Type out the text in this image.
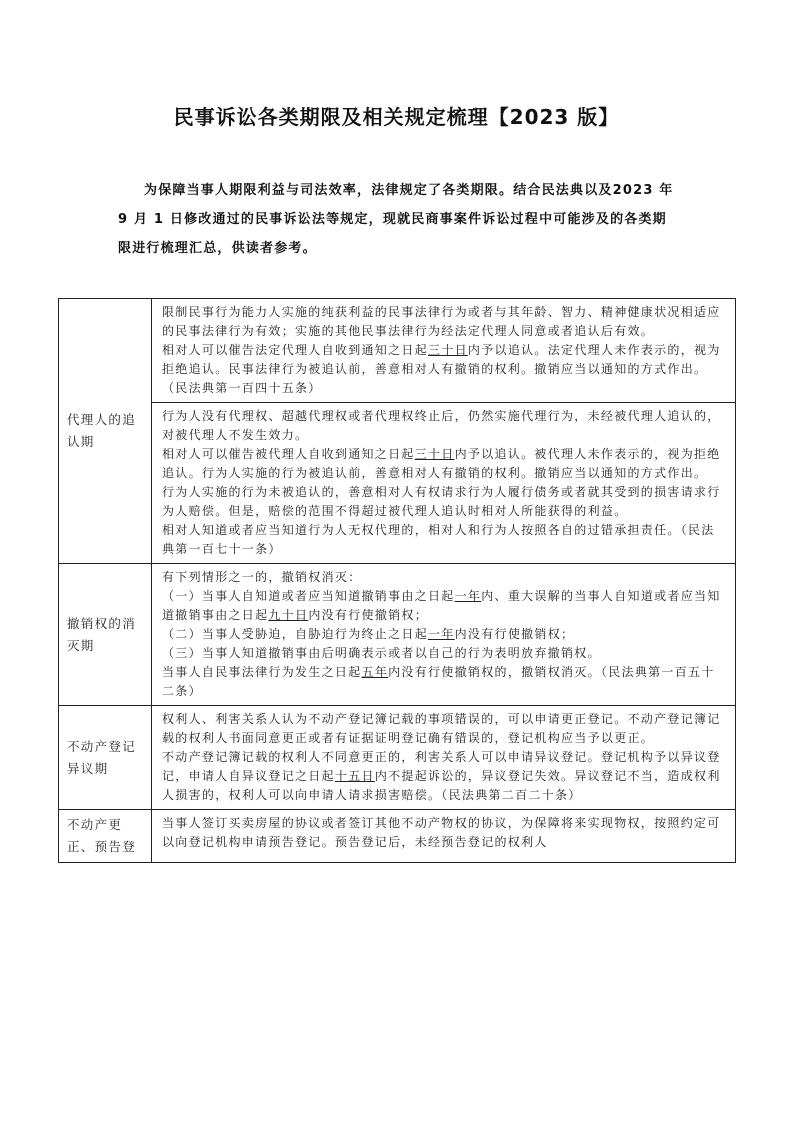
民事诉讼各类期限及相关规定梳理【2023 版】

为保障当事人期限利益与司法效率，法律规定了各类期限。结合民法典以及2023 年 9 月 1 日修改通过的民事诉讼法等规定，现就民商事案件诉讼过程中可能涉及的各类期限进行梳理汇总，供读者参考。

代理人的追认期	限制民事行为能力人实施的纯获利益的民事法律行为或者与其年龄、智力、精神健康状况相适应的民事法律行为有效；实施的其他民事法律行为经法定代理人同意或者追认后有效。

相对人可以催告法定代理人自收到通知之日起三十日内予以追认。法定代理人未作表示的，视为拒绝追认。民事法律行为被追认前，善意相对人有撤销的权利。撤销应当以通知的方式作出。（民法典第一百四十五条）

	行为人没有代理权、超越代理权或者代理权终止后，仍然实施代理行为，未经被代理人追认的，对被代理人不发生效力。

相对人可以催告被代理人自收到通知之日起三十日内予以追认。被代理人未作表示的，视为拒绝追认。行为人实施的行为被追认前，善意相对人有撤销的权利。撤销应当以通知的方式作出。

行为人实施的行为未被追认的，善意相对人有权请求行为人履行债务或者就其受到的损害请求行为人赔偿。但是，赔偿的范围不得超过被代理人追认时相对人所能获得的利益。

相对人知道或者应当知道行为人无权代理的，相对人和行为人按照各自的过错承担责任。（民法典第一百七十一条）

撤销权的消灭期	有下列情形之一的，撤销权消灭：

（一）当事人自知道或者应当知道撤销事由之日起一年内、重大误解的当事人自知道或者应当知道撤销事由之日起九十日内没有行使撤销权；

（二）当事人受胁迫，自胁迫行为终止之日起一年内没有行使撤销权；

（三）当事人知道撤销事由后明确表示或者以自己的行为表明放弃撤销权。

当事人自民事法律行为发生之日起五年内没有行使撤销权的，撤销权消灭。（民法典第一百五十二条）

不动产登记异议期	权利人、利害关系人认为不动产登记簿记载的事项错误的，可以申请更正登记。不动产登记簿记载的权利人书面同意更正或者有证据证明登记确有错误的，登记机构应当予以更正。

不动产登记簿记载的权利人不同意更正的，利害关系人可以申请异议登记。登记机构予以异议登记，申请人自异议登记之日起十五日内不提起诉讼的，异议登记失效。异议登记不当，造成权利人损害的，权利人可以向申请人请求损害赔偿。（民法典第二百二十条）

不动产更正、预告登	当事人签订买卖房屋的协议或者签订其他不动产物权的协议，为保障将来实现物权，按照约定可以向登记机构申请预告登记。预告登记后，未经预告登记的权利人
